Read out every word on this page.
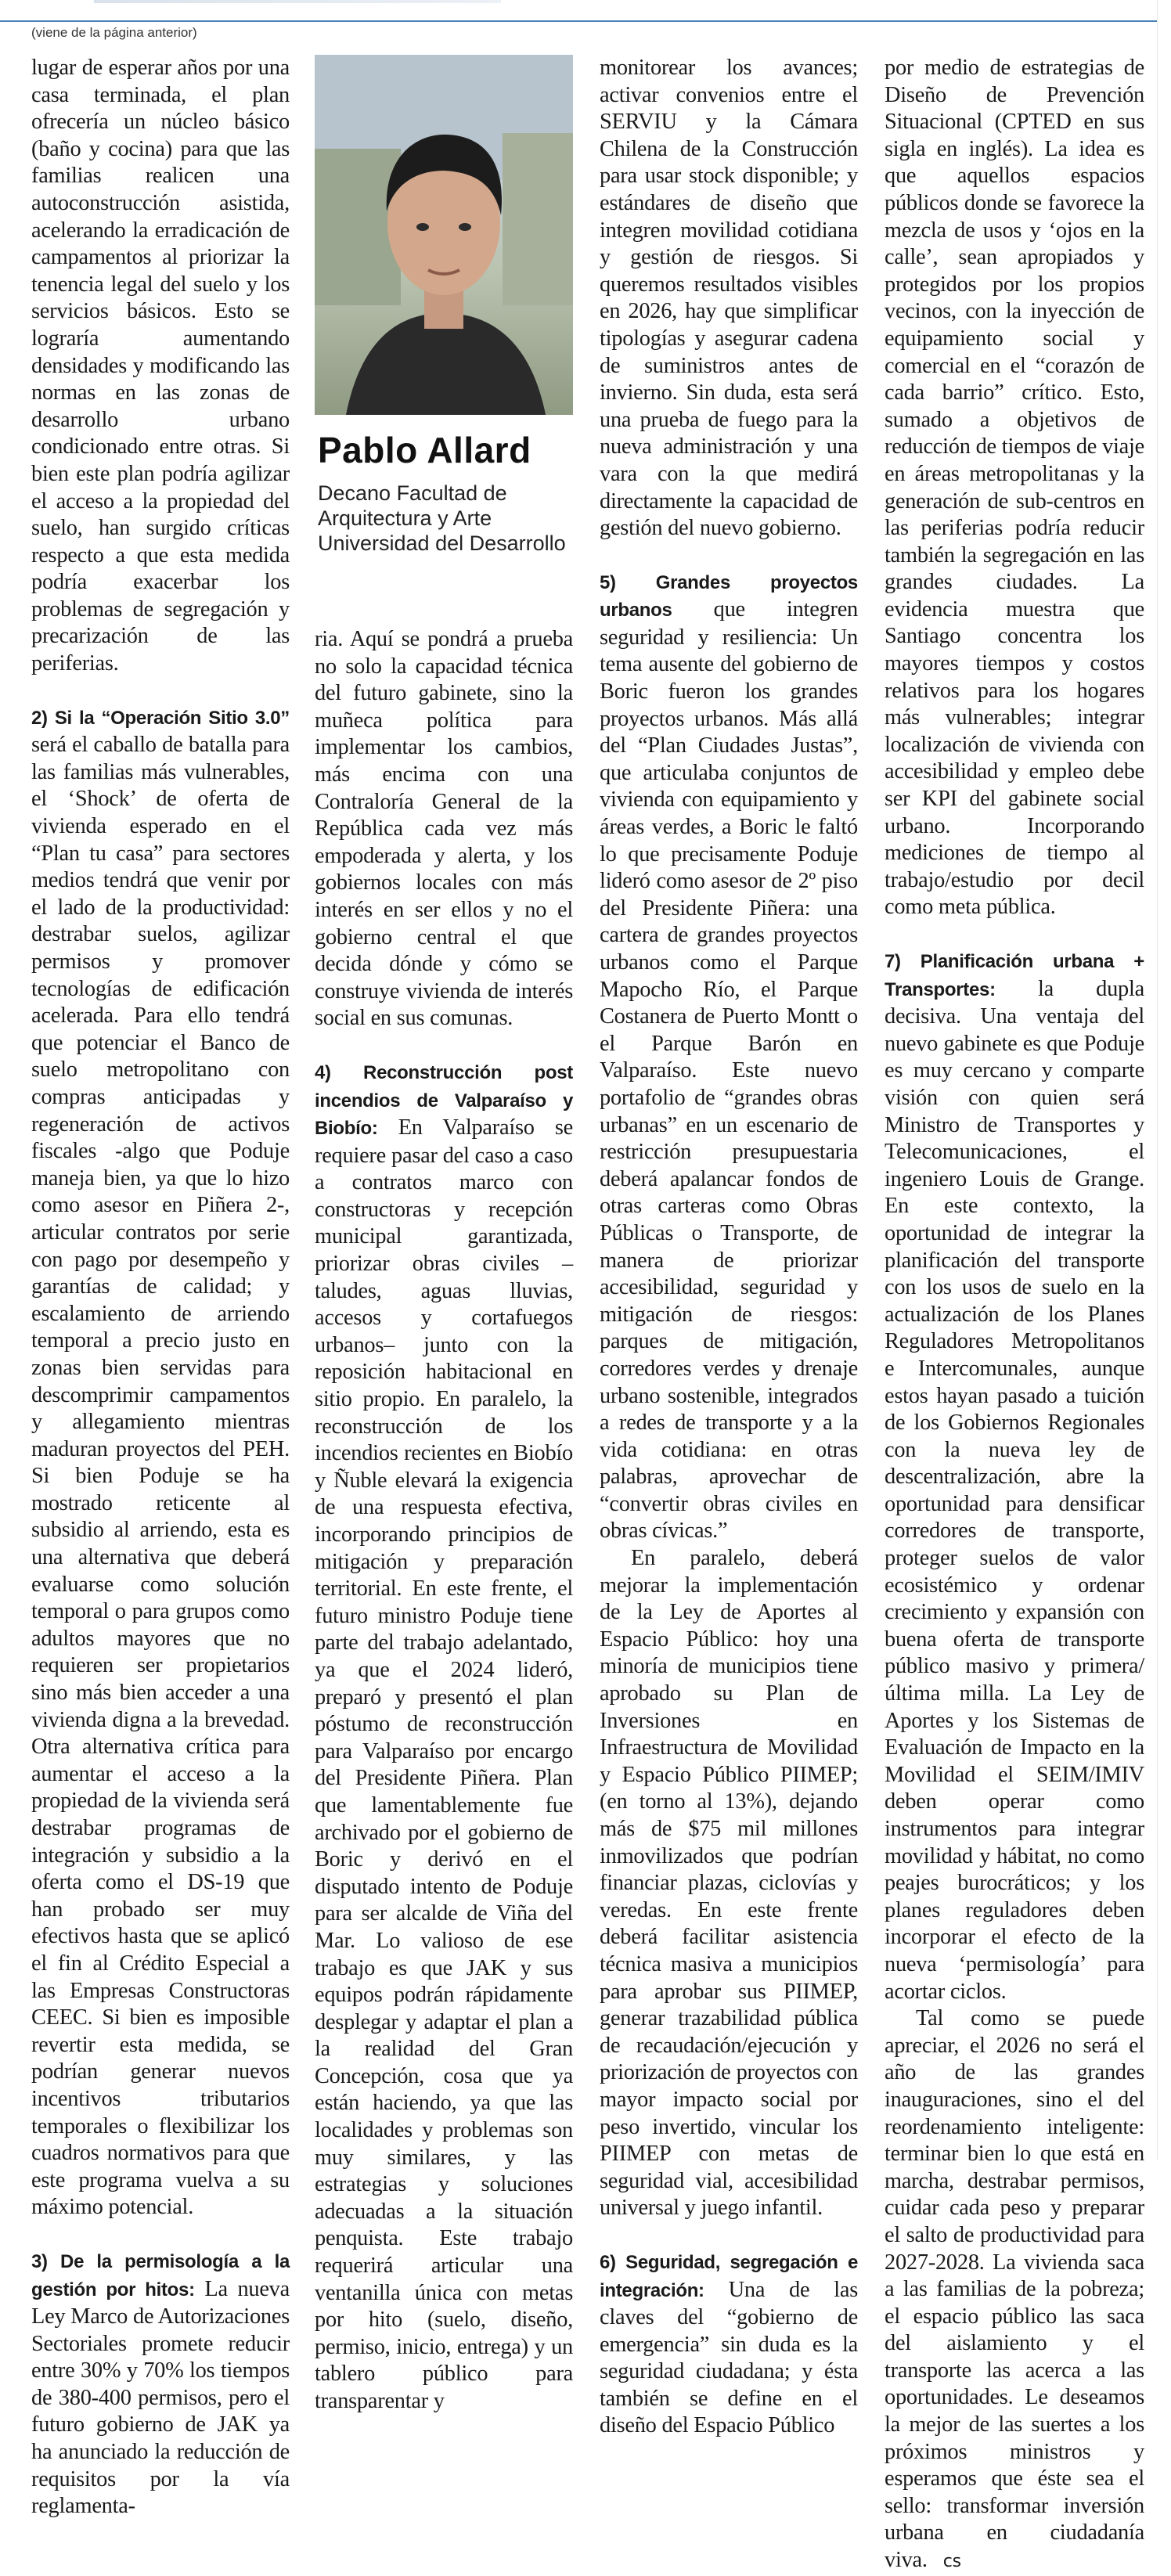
(viene de la página anterior)

lugar de esperar años por una casa terminada, el plan ofrecería un núcleo básico (baño y cocina) para que las familias realicen una autoconstrucción asistida, acelerando la erradicación de campamentos al priorizar la tenencia legal del suelo y los servicios básicos. Esto se lograría aumentando densidades y modificando las normas en las zonas de desarrollo urbano condicionado entre otras. Si bien este plan podría agilizar el acceso a la propiedad del suelo, han surgido críticas respecto a que esta medida podría exacerbar los problemas de segregación y precarización de las periferias.

2) Si la “Operación Sitio 3.0” será el caballo de batalla para las familias más vulnerables, el ‘Shock’ de oferta de vivienda esperado en el “Plan tu casa” para sectores medios tendrá que venir por el lado de la productividad: destrabar suelos, agilizar permisos y promover tecnologías de edificación acelerada. Para ello tendrá que potenciar el Banco de suelo metropolitano con compras anticipadas y regeneración de activos fiscales -algo que Poduje maneja bien, ya que lo hizo como asesor en Piñera 2-, articular contratos por serie con pago por desempeño y garantías de calidad; y escalamiento de arriendo temporal a precio justo en zonas bien servidas para descomprimir campamentos y allegamiento mientras maduran proyectos del PEH. Si bien Poduje se ha mostrado reticente al subsidio al arriendo, esta es una alternativa que deberá evaluarse como solución temporal o para grupos como adultos mayores que no requieren ser propietarios sino más bien acceder a una vivienda digna a la brevedad. Otra alternativa crítica para aumentar el acceso a la propiedad de la vivienda será destrabar programas de integración y subsidio a la oferta como el DS-19 que han probado ser muy efectivos hasta que se aplicó el fin al Crédito Especial a las Empresas Constructoras CEEC. Si bien es imposible revertir esta medida, se podrían generar nuevos incentivos tributarios temporales o flexibilizar los cuadros normativos para que este programa vuelva a su máximo potencial.

3) De la permisología a la gestión por hitos: La nueva Ley Marco de Autorizaciones Sectoriales promete reducir entre 30% y 70% los tiempos de 380-400 permisos, pero el futuro gobierno de JAK ya ha anunciado la reducción de requisitos por la vía reglamenta-

Pablo Allard
Decano Facultad de Arquitectura y Arte Universidad del Desarrollo

ria. Aquí se pondrá a prueba no solo la capacidad técnica del futuro gabinete, sino la muñeca política para implementar los cambios, más encima con una Contraloría General de la República cada vez más empoderada y alerta, y los gobiernos locales con más interés en ser ellos y no el gobierno central el que decida dónde y cómo se construye vivienda de interés social en sus comunas.

4) Reconstrucción post incendios de Valparaíso y Biobío: En Valparaíso se requiere pasar del caso a caso a contratos marco con constructoras y recepción municipal garantizada, priorizar obras civiles –taludes, aguas lluvias, accesos y cortafuegos urbanos– junto con la reposición habitacional en sitio propio. En paralelo, la reconstrucción de los incendios recientes en Biobío y Ñuble elevará la exigencia de una respuesta efectiva, incorporando principios de mitigación y preparación territorial. En este frente, el futuro ministro Poduje tiene parte del trabajo adelantado, ya que el 2024 lideró, preparó y presentó el plan póstumo de reconstrucción para Valparaíso por encargo del Presidente Piñera. Plan que lamentablemente fue archivado por el gobierno de Boric y derivó en el disputado intento de Poduje para ser alcalde de Viña del Mar. Lo valioso de ese trabajo es que JAK y sus equipos podrán rápidamente desplegar y adaptar el plan a la realidad del Gran Concepción, cosa que ya están haciendo, ya que las localidades y problemas son muy similares, y las estrategias y soluciones adecuadas a la situación penquista. Este trabajo requerirá articular una ventanilla única con metas por hito (suelo, diseño, permiso, inicio, entrega) y un tablero público para transparentar y

monitorear los avances; activar convenios entre el SERVIU y la Cámara Chilena de la Construcción para usar stock disponible; y estándares de diseño que integren movilidad cotidiana y gestión de riesgos. Si queremos resultados visibles en 2026, hay que simplificar tipologías y asegurar cadena de suministros antes de invierno. Sin duda, esta será una prueba de fuego para la nueva administración y una vara con la que medirá directamente la capacidad de gestión del nuevo gobierno.

5) Grandes proyectos urbanos que integren seguridad y resiliencia: Un tema ausente del gobierno de Boric fueron los grandes proyectos urbanos. Más allá del “Plan Ciudades Justas”, que articulaba conjuntos de vivienda con equipamiento y áreas verdes, a Boric le faltó lo que precisamente Poduje lideró como asesor de 2º piso del Presidente Piñera: una cartera de grandes proyectos urbanos como el Parque Mapocho Río, el Parque Costanera de Puerto Montt o el Parque Barón en Valparaíso. Este nuevo portafolio de “grandes obras urbanas” en un escenario de restricción presupuestaria deberá apalancar fondos de otras carteras como Obras Públicas o Transporte, de manera de priorizar accesibilidad, seguridad y mitigación de riesgos: parques de mitigación, corredores verdes y drenaje urbano sostenible, integrados a redes de transporte y a la vida cotidiana: en otras palabras, aprovechar de “convertir obras civiles en obras cívicas.”

En paralelo, deberá mejorar la implementación de la Ley de Aportes al Espacio Público: hoy una minoría de municipios tiene aprobado su Plan de Inversiones en Infraestructura de Movilidad y Espacio Público PIIMEP; (en torno al 13%), dejando más de $75 mil millones inmovilizados que podrían financiar plazas, ciclovías y veredas. En este frente deberá facilitar asistencia técnica masiva a municipios para aprobar sus PIIMEP, generar trazabilidad pública de recaudación/ejecución y priorización de proyectos con mayor impacto social por peso invertido, vincular los PIIMEP con metas de seguridad vial, accesibilidad universal y juego infantil.

6) Seguridad, segregación e integración: Una de las claves del “gobierno de emergencia” sin duda es la seguridad ciudadana; y ésta también se define en el diseño del Espacio Público

por medio de estrategias de Diseño de Prevención Situacional (CPTED en sus sigla en inglés). La idea es que aquellos espacios públicos donde se favorece la mezcla de usos y ‘ojos en la calle’, sean apropiados y protegidos por los propios vecinos, con la inyección de equipamiento social y comercial en el “corazón de cada barrio” crítico. Esto, sumado a objetivos de reducción de tiempos de viaje en áreas metropolitanas y la generación de sub-centros en las periferias podría reducir también la segregación en las grandes ciudades. La evidencia muestra que Santiago concentra los mayores tiempos y costos relativos para los hogares más vulnerables; integrar localización de vivienda con accesibilidad y empleo debe ser KPI del gabinete social urbano. Incorporando mediciones de tiempo al trabajo/estudio por decil como meta pública.

7) Planificación urbana + Transportes: la dupla decisiva. Una ventaja del nuevo gabinete es que Poduje es muy cercano y comparte visión con quien será Ministro de Transportes y Telecomunicaciones, el ingeniero Louis de Grange. En este contexto, la oportunidad de integrar la planificación del transporte con los usos de suelo en la actualización de los Planes Reguladores Metropolitanos e Intercomunales, aunque estos hayan pasado a tuición de los Gobiernos Regionales con la nueva ley de descentralización, abre la oportunidad para densificar corredores de transporte, proteger suelos de valor ecosistémico y ordenar crecimiento y expansión con buena oferta de transporte público masivo y primera/última milla. La Ley de Aportes y los Sistemas de Evaluación de Impacto en la Movilidad el SEIM/IMIV deben operar como instrumentos para integrar movilidad y hábitat, no como peajes burocráticos; y los planes reguladores deben incorporar el efecto de la nueva ‘permisología’ para acortar ciclos.

Tal como se puede apreciar, el 2026 no será el año de las grandes inauguraciones, sino el del reordenamiento inteligente: terminar bien lo que está en marcha, destrabar permisos, cuidar cada peso y preparar el salto de productividad para 2027-2028. La vivienda saca a las familias de la pobreza; el espacio público las saca del aislamiento y el transporte las acerca a las oportunidades. Le deseamos la mejor de las suertes a los próximos ministros y esperamos que éste sea el sello: transformar inversión urbana en ciudadanía viva. cs
